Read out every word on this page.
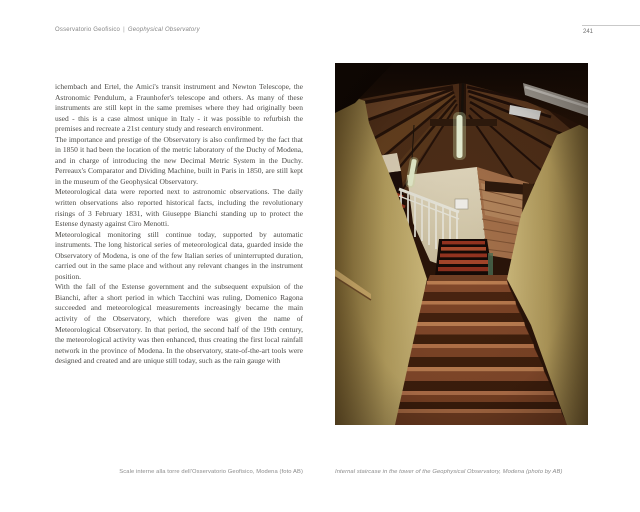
Osservatorio Geofisico | Geophysical Observatory	241

ichembach and Ertel, the Amici's transit instrument and Newton Telescope, the Astronomic Pendulum, a Fraunhofer's telescope and others. As many of these instruments are still kept in the same premises where they had originally been used - this is a case almost unique in Italy - it was possible to refurbish the premises and recreate a 21st century study and research environment.

The importance and prestige of the Observatory is also confirmed by the fact that in 1850 it had been the location of the metric laboratory of the Duchy of Modena, and in charge of introducing the new Decimal Metric System in the Duchy. Perreaux's Comparator and Dividing Machine, built in Paris in 1850, are still kept in the museum of the Geophysical Observatory.

Meteorological data were reported next to astronomic observations. The daily written observations also reported historical facts, including the revolutionary risings of 3 February 1831, with Giuseppe Bianchi standing up to protect the Estense dynasty against Ciro Menotti.

Meteorological monitoring still continue today, supported by automatic instruments. The long historical series of meteorological data, guarded inside the Observatory of Modena, is one of the few Italian series of uninterrupted duration, carried out in the same place and without any relevant changes in the instrument position.

With the fall of the Estense government and the subsequent expulsion of the Bianchi, after a short period in which Tacchini was ruling, Domenico Ragona succeeded and meteorological measurements increasingly became the main activity of the Observatory, which therefore was given the name of Meteorological Observatory. In that period, the second half of the 19th century, the meteorological activity was then enhanced, thus creating the first local rainfall network in the province of Modena. In the observatory, state-of-the-art tools were designed and created and are unique still today, such as the rain gauge with

Scale interne alla torre dell'Osservatorio Geofisico, Modena (foto AB)	Internal staircase in the tower of the Geophysical Observatory, Modena (photo by AB)
